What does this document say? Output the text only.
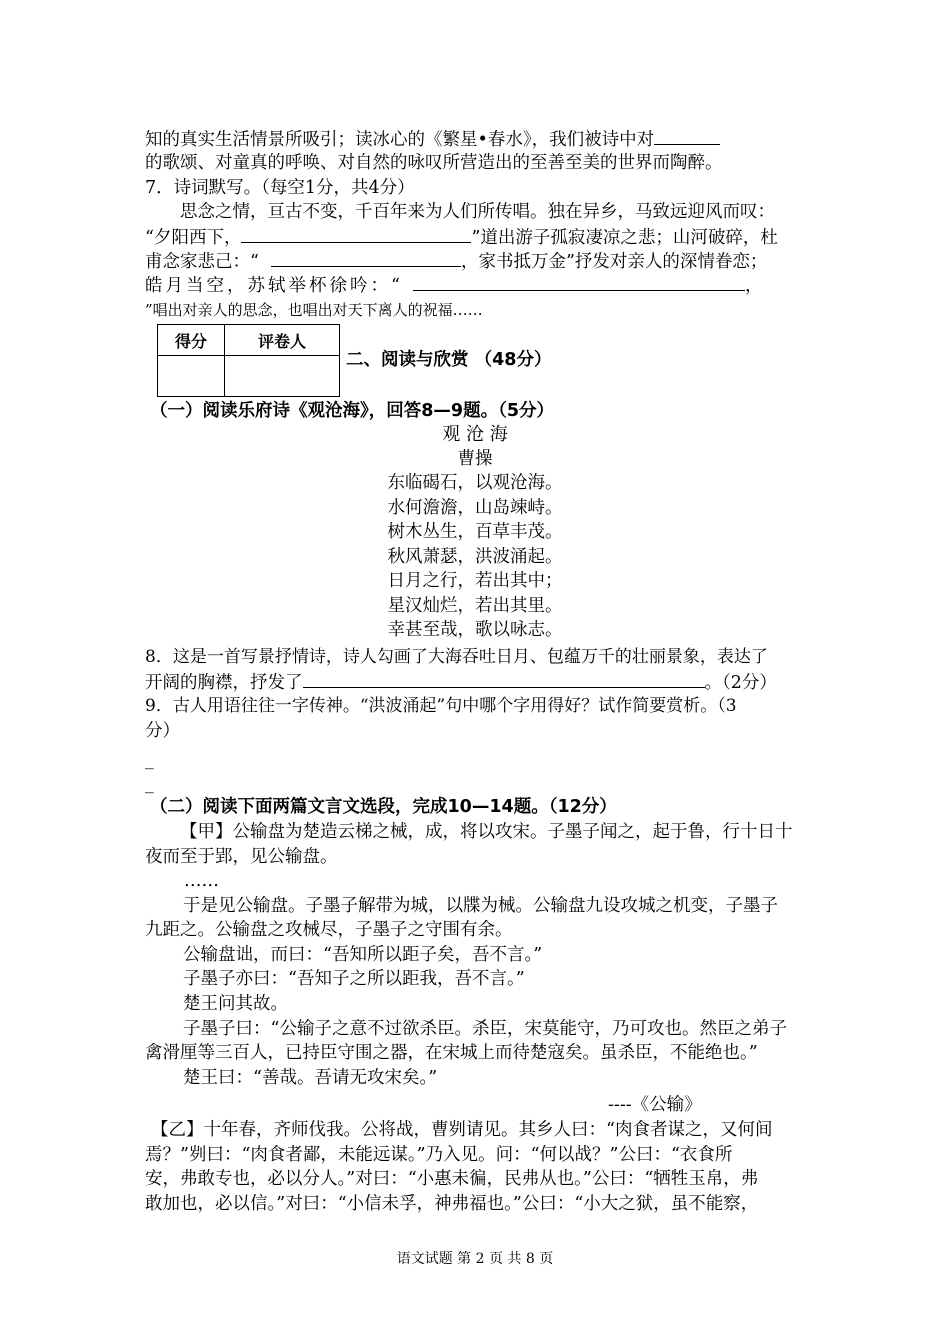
知的真实生活情景所吸引；读冰心的《繁星•春水》，我们被诗中对
的歌颂、对童真的呼唤、对自然的咏叹所营造出的至善至美的世界而陶醉。
7．诗词默写。（每空1分，共4分）
思念之情，亘古不变，千百年来为人们所传唱。独在异乡，马致远迎风而叹：
“夕阳西下，	”道出游子孤寂凄凉之悲；山河破碎，杜
甫念家悲己：“	，家书抵万金”抒发对亲人的深情眷恋；
皓月当空，苏轼举杯徐吟：“	，
”唱出对亲人的思念，也唱出对天下离人的祝福……
得分	评卷人

二、阅读与欣赏 （48分）
（一）阅读乐府诗《观沧海》，回答8—9题。（5分）
观 沧 海
曹操
东临碣石，以观沧海。
水何澹澹，山岛竦峙。
树木丛生，百草丰茂。
秋风萧瑟，洪波涌起。
日月之行，若出其中；
星汉灿烂，若出其里。
幸甚至哉，歌以咏志。
8．这是一首写景抒情诗，诗人勾画了大海吞吐日月、包蕴万千的壮丽景象，表达了
开阔的胸襟，抒发了	。（2分）
9．古人用语往往一字传神。“洪波涌起”句中哪个字用得好？试作简要赏析。（3
分）
_
_
（二）阅读下面两篇文言文选段，完成10—14题。（12分）
【甲】公输盘为楚造云梯之械，成，将以攻宋。子墨子闻之，起于鲁，行十日十
夜而至于郢，见公输盘。
……
于是见公输盘。子墨子解带为城，以牒为械。公输盘九设攻城之机变，子墨子
九距之。公输盘之攻械尽，子墨子之守围有余。
公输盘诎，而曰：“吾知所以距子矣，吾不言。”
子墨子亦曰：“吾知子之所以距我，吾不言。”
楚王问其故。
子墨子曰：“公输子之意不过欲杀臣。杀臣，宋莫能守，乃可攻也。然臣之弟子
禽滑厘等三百人，已持臣守围之器，在宋城上而待楚寇矣。虽杀臣，不能绝也。”
楚王曰：“善哉。吾请无攻宋矣。”
----《公输》
【乙】十年春，齐师伐我。公将战，曹刿请见。其乡人曰：“肉食者谋之，又何间
焉？”刿曰：“肉食者鄙，未能远谋。”乃入见。问：“何以战？”公曰：“衣食所
安，弗敢专也，必以分人。”对曰：“小惠未徧，民弗从也。”公曰：“牺牲玉帛，弗
敢加也，必以信。”对曰：“小信未孚，神弗福也。”公曰：“小大之狱，虽不能察，
语文试题 第 2 页 共 8 页
